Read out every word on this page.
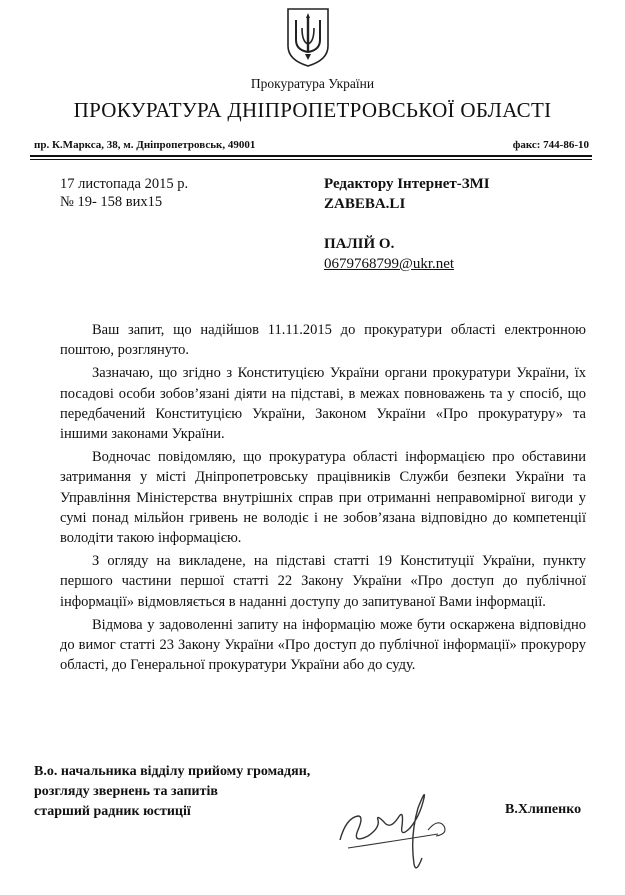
Прокуратура України
ПРОКУРАТУРА ДНІПРОПЕТРОВСЬКОЇ ОБЛАСТІ
пр. К.Маркса, 38, м. Дніпропетровськ, 49001	факс: 744-86-10
17 листопада 2015 р.
№ 19- 158 вих15
Редактору Інтернет-ЗМІ
ZABEBA.LI
ПАЛІЙ О.
0679768799@ukr.net

Ваш запит, що надійшов 11.11.2015 до прокуратури області електронною поштою, розглянуто.

Зазначаю, що згідно з Конституцією України органи прокуратури України, їх посадові особи зобов’язані діяти на підставі, в межах повноважень та у спосіб, що передбачений Конституцією України, Законом України «Про прокуратуру» та іншими законами України.

Водночас повідомляю, що прокуратура області інформацією про обставини затримання у місті Дніпропетровську працівників Служби безпеки України та Управління Міністерства внутрішніх справ при отриманні неправомірної вигоди у сумі понад мільйон гривень не володіє і не зобов’язана відповідно до компетенції володіти такою інформацією.

З огляду на викладене, на підставі статті 19 Конституції України, пункту першого частини першої статті 22 Закону України «Про доступ до публічної інформації» відмовляється в наданні доступу до запитуваної Вами інформації.

Відмова у задоволенні запиту на інформацію може бути оскаржена відповідно до вимог статті 23 Закону України «Про доступ до публічної інформації» прокурору області, до Генеральної прокуратури України або до суду.

В.о. начальника відділу прийому громадян,
розгляду звернень та запитів
старший радник юстиції	В.Хлипенко
